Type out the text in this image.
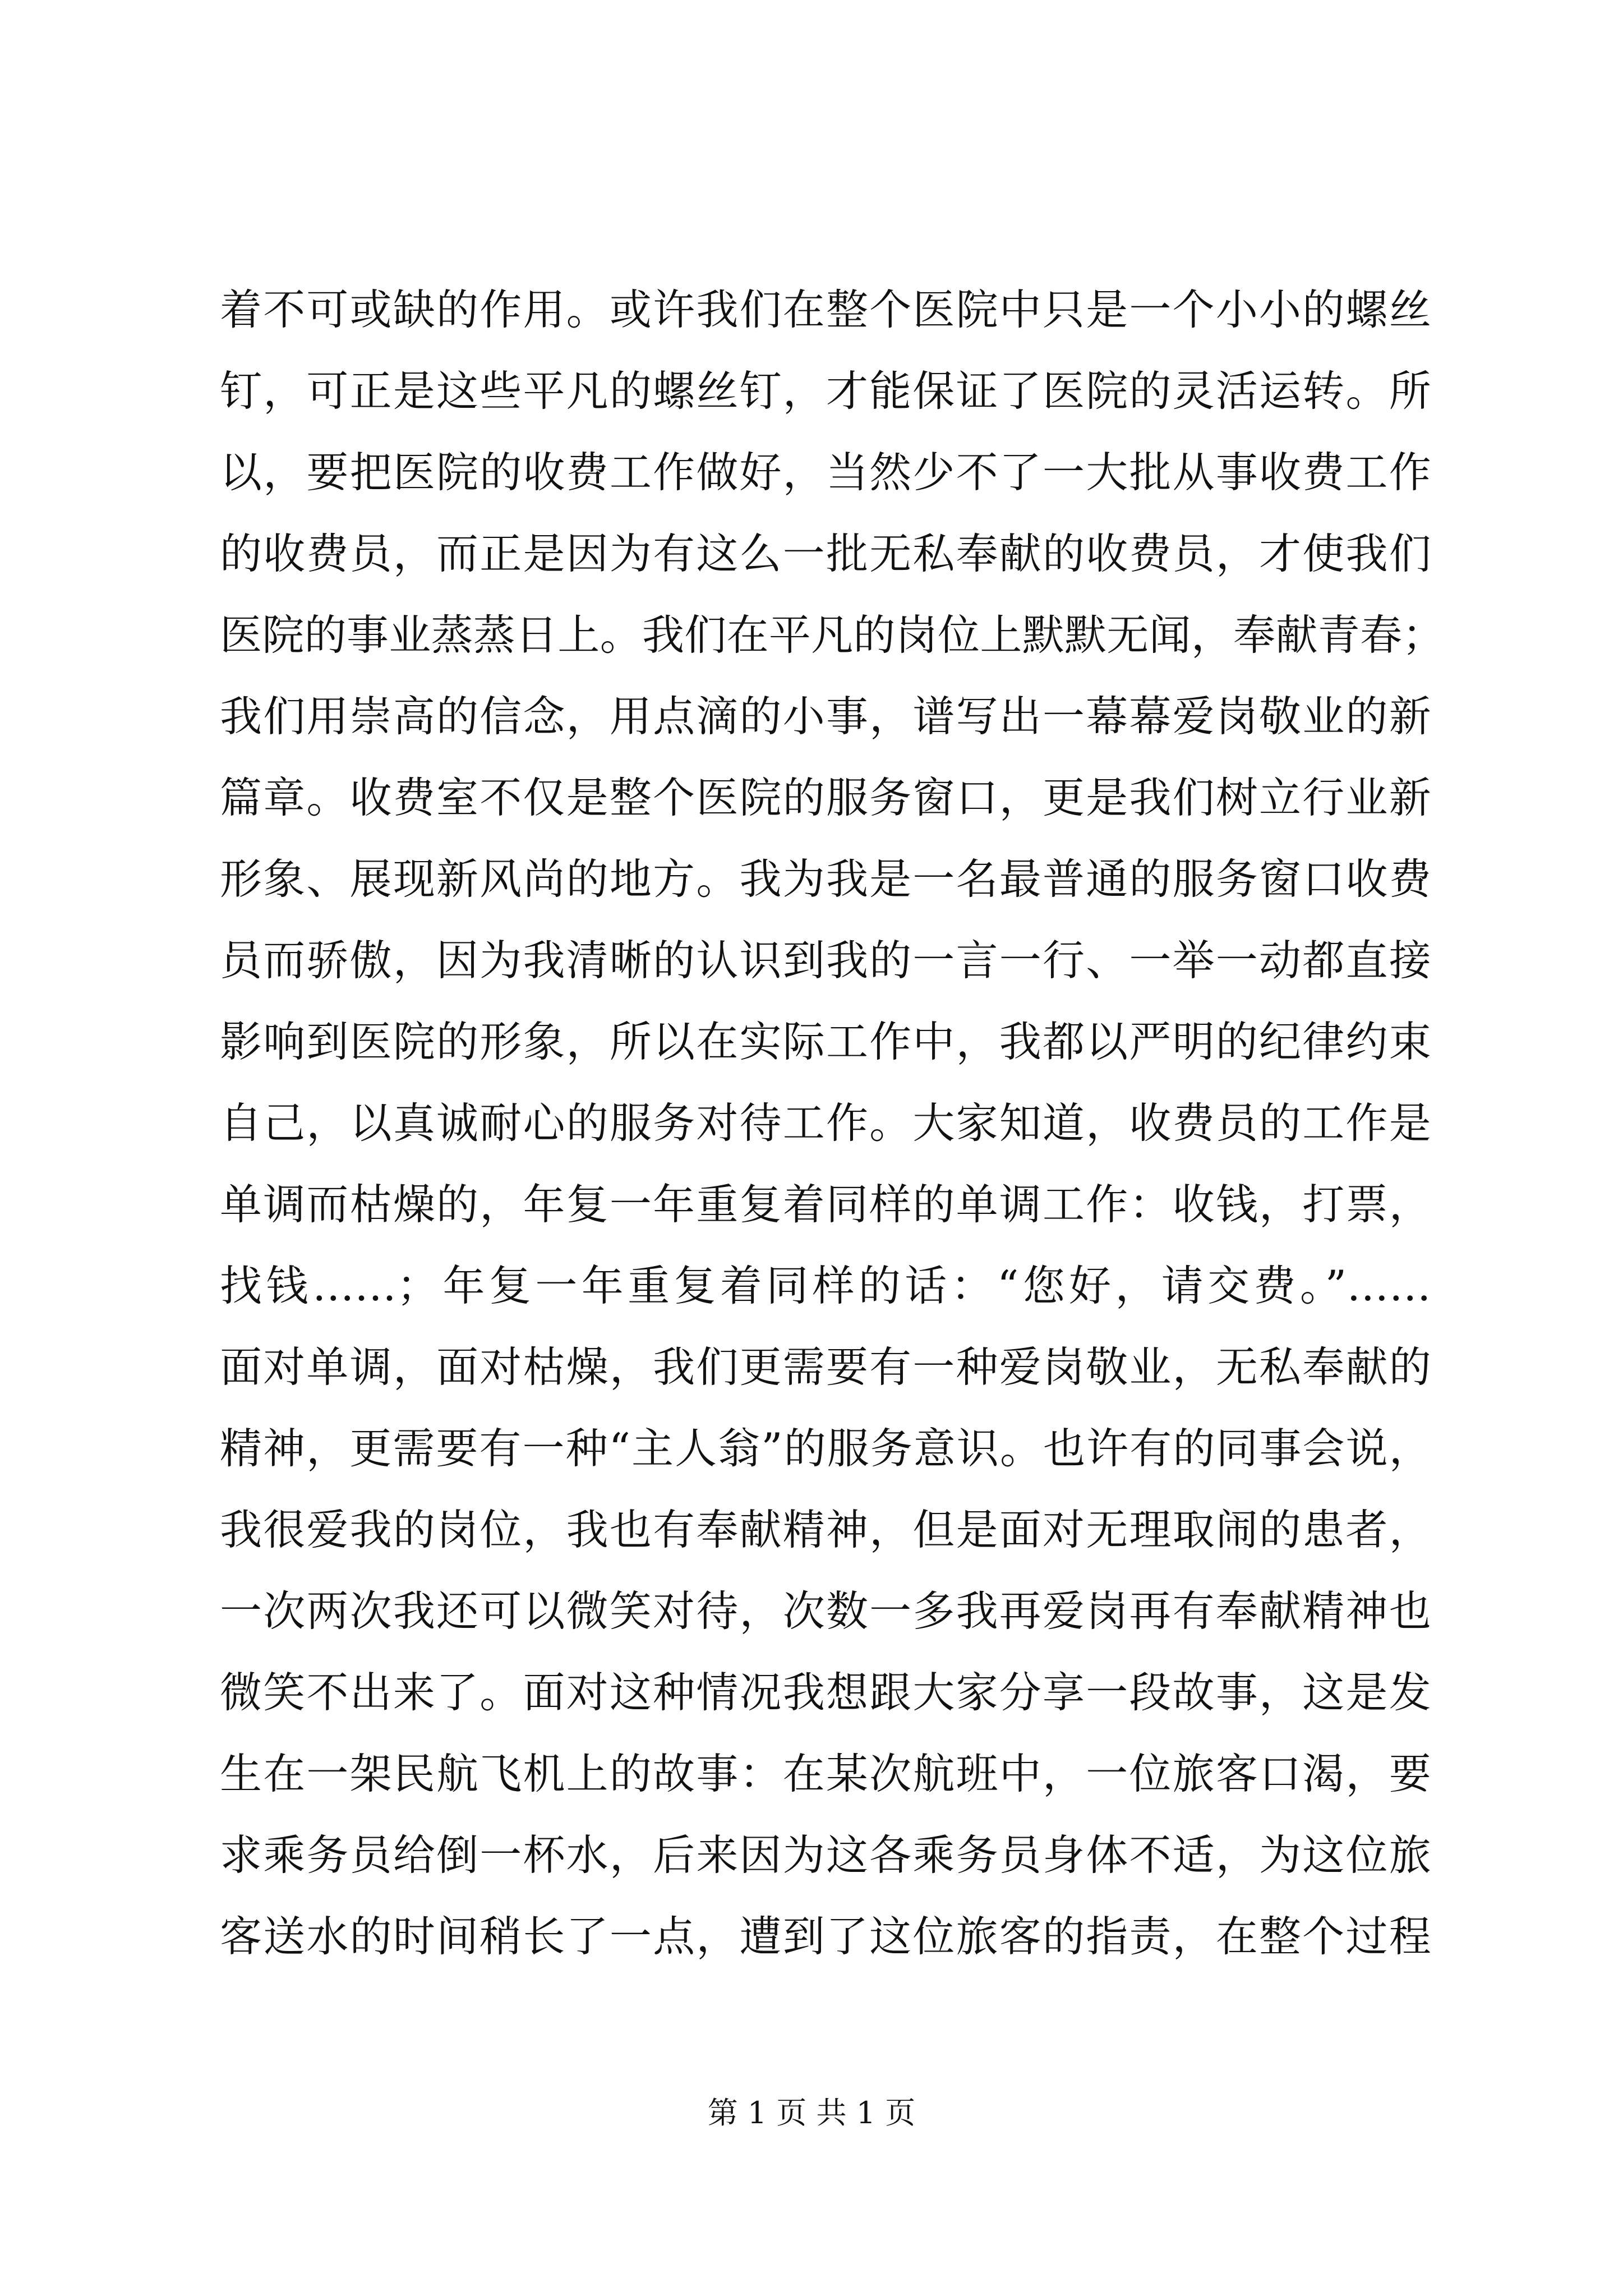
着不可或缺的作用。或许我们在整个医院中只是一个小小的螺丝
钉，可正是这些平凡的螺丝钉，才能保证了医院的灵活运转。所
以，要把医院的收费工作做好，当然少不了一大批从事收费工作
的收费员，而正是因为有这么一批无私奉献的收费员，才使我们
医院的事业蒸蒸日上。我们在平凡的岗位上默默无闻，奉献青春；
我们用崇高的信念，用点滴的小事，谱写出一幕幕爱岗敬业的新
篇章。收费室不仅是整个医院的服务窗口，更是我们树立行业新
形象、展现新风尚的地方。我为我是一名最普通的服务窗口收费
员而骄傲，因为我清晰的认识到我的一言一行、一举一动都直接
影响到医院的形象，所以在实际工作中，我都以严明的纪律约束
自己，以真诚耐心的服务对待工作。大家知道，收费员的工作是
单调而枯燥的，年复一年重复着同样的单调工作：收钱，打票，
找钱……；年复一年重复着同样的话：“您好，请交费。”……
面对单调，面对枯燥，我们更需要有一种爱岗敬业，无私奉献的
精神，更需要有一种“主人翁”的服务意识。也许有的同事会说，
我很爱我的岗位，我也有奉献精神，但是面对无理取闹的患者，
一次两次我还可以微笑对待，次数一多我再爱岗再有奉献精神也
微笑不出来了。面对这种情况我想跟大家分享一段故事，这是发
生在一架民航飞机上的故事：在某次航班中，一位旅客口渴，要
求乘务员给倒一杯水，后来因为这各乘务员身体不适，为这位旅
客送水的时间稍长了一点，遭到了这位旅客的指责，在整个过程
第 1 页 共 1 页
